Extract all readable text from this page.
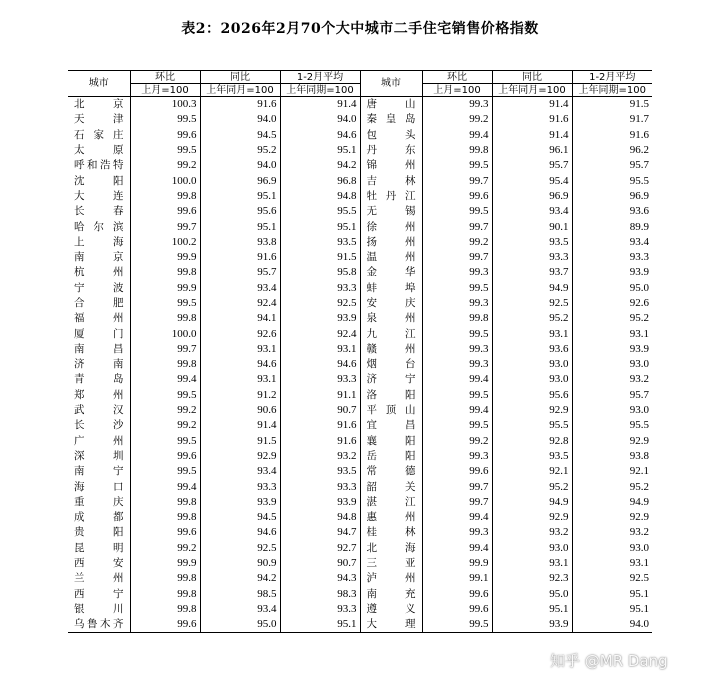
表2：2026年2月70个大中城市二手住宅销售价格指数
城市	环比	同比	1-2月平均	城市	环比	同比	1-2月平均
	上月=100	上年同月=100	上年同期=100		上月=100	上年同月=100	上年同期=100
北京	100.3	91.6	91.4	唐山	99.3	91.4	91.5
天津	99.5	94.0	94.0	秦皇岛	99.2	91.6	91.7
石家庄	99.6	94.5	94.6	包头	99.4	91.4	91.6
太原	99.5	95.2	95.1	丹东	99.8	96.1	96.2
呼和浩特	99.2	94.0	94.2	锦州	99.5	95.7	95.7
沈阳	100.0	96.9	96.8	吉林	99.7	95.4	95.5
大连	99.8	95.1	94.8	牡丹江	99.6	96.9	96.9
长春	99.6	95.6	95.5	无锡	99.5	93.4	93.6
哈尔滨	99.7	95.1	95.1	徐州	99.7	90.1	89.9
上海	100.2	93.8	93.5	扬州	99.2	93.5	93.4
南京	99.9	91.6	91.5	温州	99.7	93.3	93.3
杭州	99.8	95.7	95.8	金华	99.3	93.7	93.9
宁波	99.9	93.4	93.3	蚌埠	99.5	94.9	95.0
合肥	99.5	92.4	92.5	安庆	99.3	92.5	92.6
福州	99.8	94.1	93.9	泉州	99.8	95.2	95.2
厦门	100.0	92.6	92.4	九江	99.5	93.1	93.1
南昌	99.7	93.1	93.1	赣州	99.3	93.6	93.9
济南	99.8	94.6	94.6	烟台	99.3	93.0	93.0
青岛	99.4	93.1	93.3	济宁	99.4	93.0	93.2
郑州	99.5	91.2	91.1	洛阳	99.5	95.6	95.7
武汉	99.2	90.6	90.7	平顶山	99.4	92.9	93.0
长沙	99.2	91.4	91.6	宜昌	99.5	95.5	95.5
广州	99.5	91.5	91.6	襄阳	99.2	92.8	92.9
深圳	99.6	92.9	93.2	岳阳	99.3	93.5	93.8
南宁	99.5	93.4	93.5	常德	99.6	92.1	92.1
海口	99.4	93.3	93.3	韶关	99.7	95.2	95.2
重庆	99.8	93.9	93.9	湛江	99.7	94.9	94.9
成都	99.8	94.5	94.8	惠州	99.4	92.9	92.9
贵阳	99.6	94.6	94.7	桂林	99.3	93.2	93.2
昆明	99.2	92.5	92.7	北海	99.4	93.0	93.0
西安	99.9	90.9	90.7	三亚	99.9	93.1	93.1
兰州	99.8	94.2	94.3	泸州	99.1	92.3	92.5
西宁	99.8	98.5	98.3	南充	99.6	95.0	95.1
银川	99.8	93.4	93.3	遵义	99.6	95.1	95.1
乌鲁木齐	99.6	95.0	95.1	大理	99.5	93.9	94.0
知乎 @MR Dang
